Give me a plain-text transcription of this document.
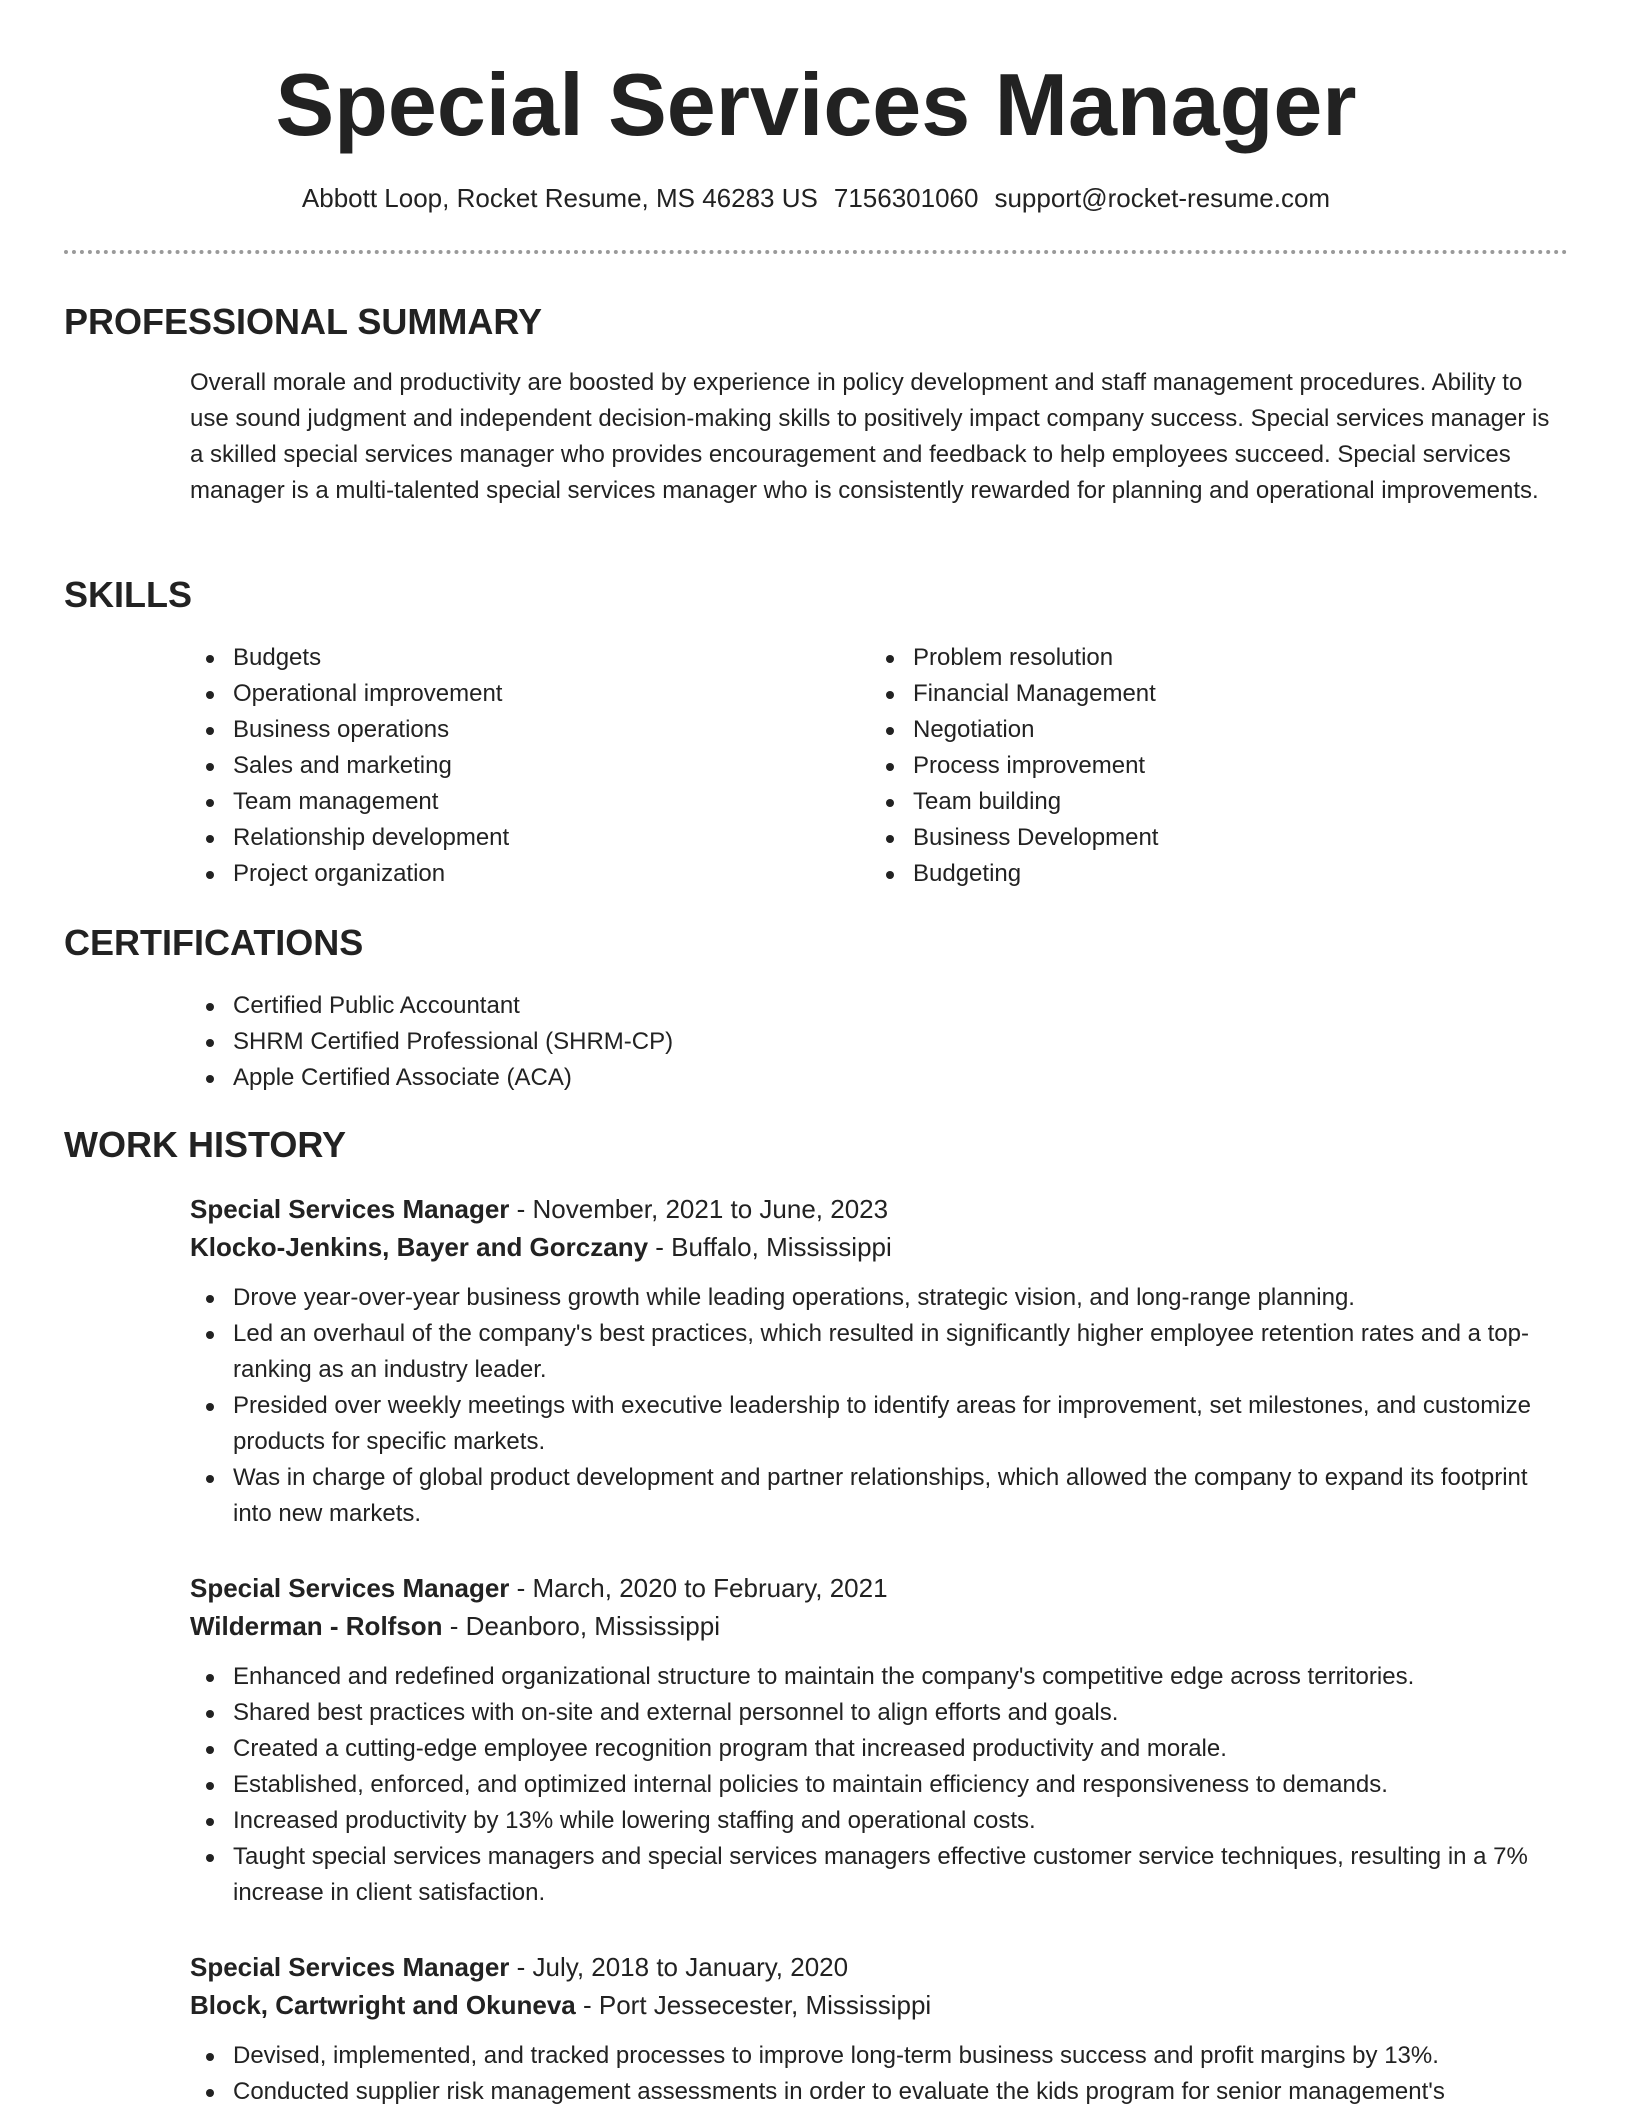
Special Services Manager
Abbott Loop, Rocket Resume, MS 46283 US 7156301060 support@rocket-resume.com
PROFESSIONAL SUMMARY

Overall morale and productivity are boosted by experience in policy development and staff management procedures. Ability to use sound judgment and independent decision-making skills to positively impact company success. Special services manager is a skilled special services manager who provides encouragement and feedback to help employees succeed. Special services manager is a multi-talented special services manager who is consistently rewarded for planning and operational improvements.

SKILLS
Budgets
Operational improvement
Business operations
Sales and marketing
Team management
Relationship development
Project organization
Problem resolution
Financial Management
Negotiation
Process improvement
Team building
Business Development
Budgeting
CERTIFICATIONS
Certified Public Accountant
SHRM Certified Professional (SHRM-CP)
Apple Certified Associate (ACA)
WORK HISTORY
Special Services Manager - November, 2021 to June, 2023
Klocko-Jenkins, Bayer and Gorczany - Buffalo, Mississippi
Drove year-over-year business growth while leading operations, strategic vision, and long-range planning.
Led an overhaul of the company's best practices, which resulted in significantly higher employee retention rates and a top-ranking as an industry leader.
Presided over weekly meetings with executive leadership to identify areas for improvement, set milestones, and customize products for specific markets.
Was in charge of global product development and partner relationships, which allowed the company to expand its footprint into new markets.
Special Services Manager - March, 2020 to February, 2021
Wilderman - Rolfson - Deanboro, Mississippi
Enhanced and redefined organizational structure to maintain the company's competitive edge across territories.
Shared best practices with on-site and external personnel to align efforts and goals.
Created a cutting-edge employee recognition program that increased productivity and morale.
Established, enforced, and optimized internal policies to maintain efficiency and responsiveness to demands.
Increased productivity by 13% while lowering staffing and operational costs.
Taught special services managers and special services managers effective customer service techniques, resulting in a 7% increase in client satisfaction.
Special Services Manager - July, 2018 to January, 2020
Block, Cartwright and Okuneva - Port Jessecester, Mississippi
Devised, implemented, and tracked processes to improve long-term business success and profit margins by 13%.
Conducted supplier risk management assessments in order to evaluate the kids program for senior management's
